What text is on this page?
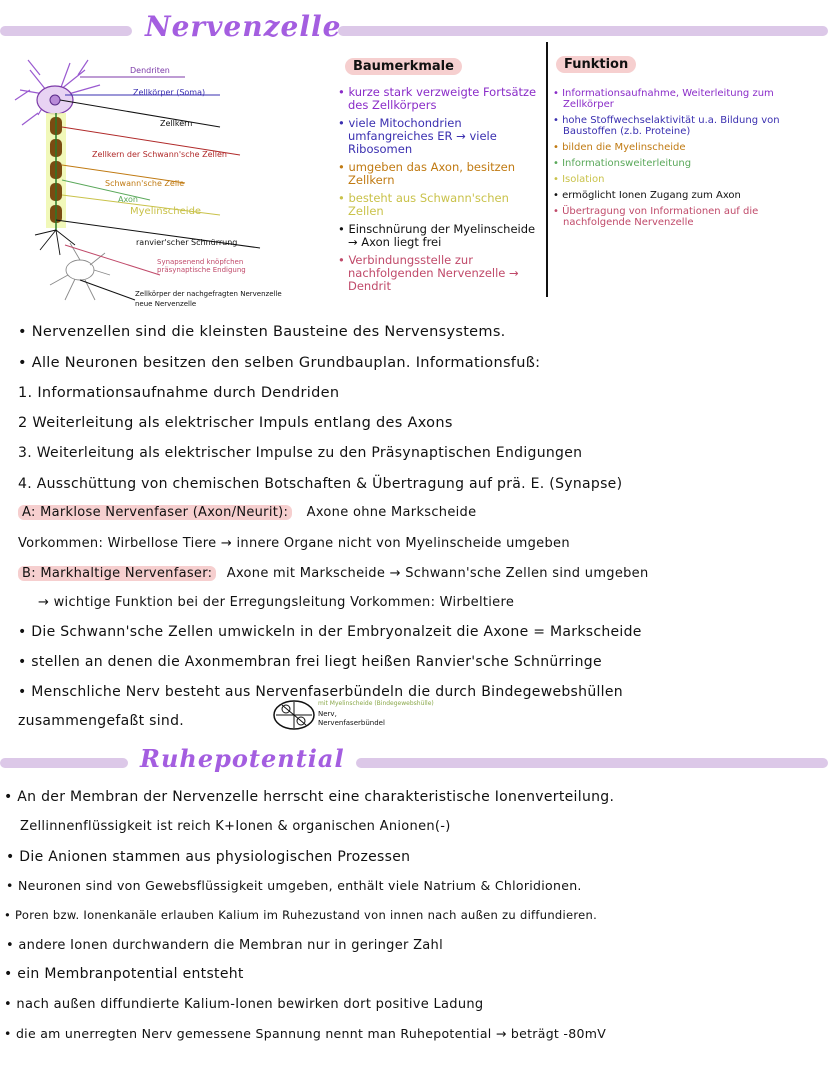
Nervenzelle
Dendriten
Zellkörper (Soma)
Zellkern
Zellkern der Schwann'sche Zellen
Schwann'sche Zelle
Axon
Myelinscheide
ranvier'scher Schnürrung
Synapsenend knöpfchen präsynaptische Endigung
Zellkörper der nachgefragten Nervenzelle
neue Nervenzelle
Baumerkmale	Funktion
• kurze stark verzweigte Fortsätze des Zellkörpers
• viele Mitochondrien umfangreiches ER → viele Ribosomen
• umgeben das Axon, besitzen Zellkern
• besteht aus Schwann'schen Zellen
• Einschnürung der Myelinscheide → Axon liegt frei
• Verbindungsstelle zur nachfolgenden Nervenzelle → Dendrit
• Informationsaufnahme, Weiterleitung zum Zellkörper
• hohe Stoffwechselaktivität u.a. Bildung von Baustoffen (z.b. Proteine)
• bilden die Myelinscheide
• Informationsweiterleitung
• Isolation
• ermöglicht Ionen Zugang zum Axon
• Übertragung von Informationen auf die nachfolgende Nervenzelle
• Nervenzellen sind die kleinsten Bausteine des Nervensystems.
• Alle Neuronen besitzen den selben Grundbauplan. Informationsfuß:
1. Informationsaufnahme durch Dendriden
2 Weiterleitung als elektrischer Impuls entlang des Axons
3. Weiterleitung als elektrischer Impulse zu den Präsynaptischen Endigungen
4. Ausschüttung von chemischen Botschaften & Übertragung auf prä. E. (Synapse)
A: Marklose Nervenfaser (Axon/Neurit): Axone ohne Markscheide
Vorkommen: Wirbellose Tiere → innere Organe nicht von Myelinscheide umgeben
B: Markhaltige Nervenfaser: Axone mit Markscheide → Schwann'sche Zellen sind umgeben
→ wichtige Funktion bei der Erregungsleitung Vorkommen: Wirbeltiere
• Die Schwann'sche Zellen umwickeln in der Embryonalzeit die Axone = Markscheide
• stellen an denen die Axonmembran frei liegt heißen Ranvier'sche Schnürringe
• Menschliche Nerv besteht aus Nervenfaserbündeln die durch Bindegewebshüllen
zusammengefaßt sind.
mit Myelinscheide (Bindegewebshülle)
Nerv,
Nervenfaserbündel
Ruhepotential
• An der Membran der Nervenzelle herrscht eine charakteristische Ionenverteilung.
Zellinnenflüssigkeit ist reich K+Ionen & organischen Anionen(-)
• Die Anionen stammen aus physiologischen Prozessen
• Neuronen sind von Gewebsflüssigkeit umgeben, enthält viele Natrium & Chloridionen.
• Poren bzw. Ionenkanäle erlauben Kalium im Ruhezustand von innen nach außen zu diffundieren.
• andere Ionen durchwandern die Membran nur in geringer Zahl
• ein Membranpotential entsteht
• nach außen diffundierte Kalium-Ionen bewirken dort positive Ladung
• die am unerregten Nerv gemessene Spannung nennt man Ruhepotential → beträgt -80mV
